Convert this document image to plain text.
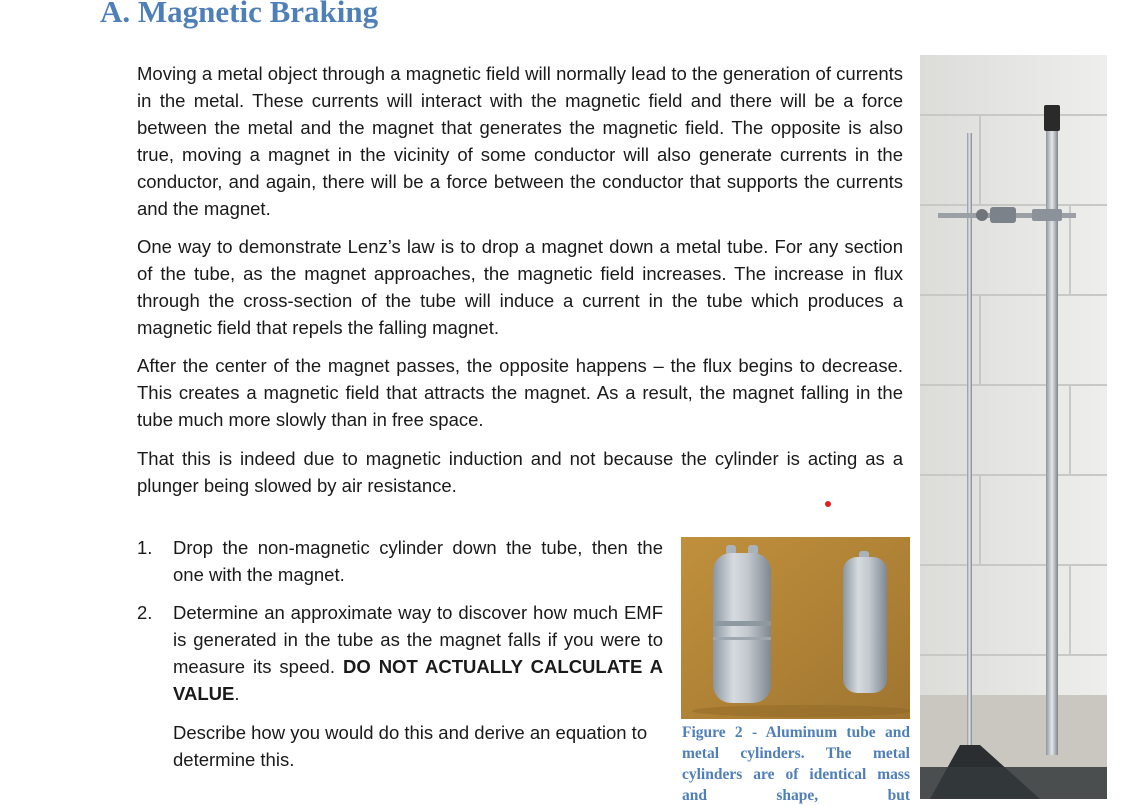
A. Magnetic Braking

Moving a metal object through a magnetic field will normally lead to the generation of currents in the metal. These currents will interact with the magnetic field and there will be a force between the metal and the magnet that generates the magnetic field. The opposite is also true, moving a magnet in the vicinity of some conductor will also generate currents in the conductor, and again, there will be a force between the conductor that supports the currents and the magnet.

One way to demonstrate Lenz’s law is to drop a magnet down a metal tube. For any section of the tube, as the magnet approaches, the magnetic field increases. The increase in flux through the cross-section of the tube will induce a current in the tube which produces a magnetic field that repels the falling magnet.

After the center of the magnet passes, the opposite happens – the flux begins to decrease. This creates a magnetic field that attracts the magnet. As a result, the magnet falling in the tube much more slowly than in free space.

That this is indeed due to magnetic induction and not because the cylinder is acting as a plunger being slowed by air resistance.

1. Drop the non-magnetic cylinder down the tube, then the one with the magnet.

2. Determine an approximate way to discover how much EMF is generated in the tube as the magnet falls if you were to measure its speed. DO NOT ACTUALLY CALCULATE A VALUE.

Describe how you would do this and derive an equation to determine this.

Figure 2 - Aluminum tube and metal cylinders. The metal cylinders are of identical mass and shape, but
